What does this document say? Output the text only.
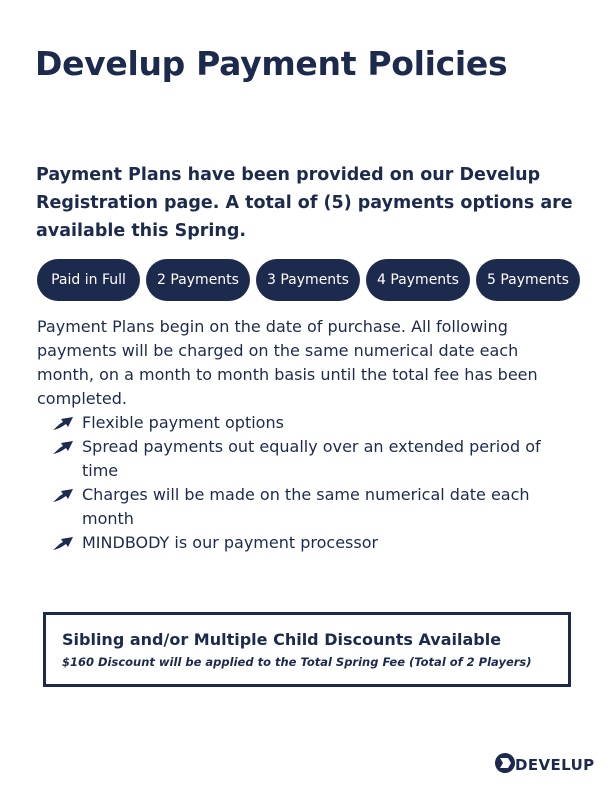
Develup Payment Policies

Payment Plans have been provided on our Develup Registration page. A total of (5) payments options are available this Spring.

Paid in Full	2 Payments	3 Payments	4 Payments	5 Payments

Payment Plans begin on the date of purchase. All following payments will be charged on the same numerical date each month, on a month to month basis until the total fee has been completed.

Flexible payment options
Spread payments out equally over an extended period of time
Charges will be made on the same numerical date each month
MINDBODY is our payment processor

Sibling and/or Multiple Child Discounts Available

$160 Discount will be applied to the Total Spring Fee (Total of 2 Players)

DEVELUP
